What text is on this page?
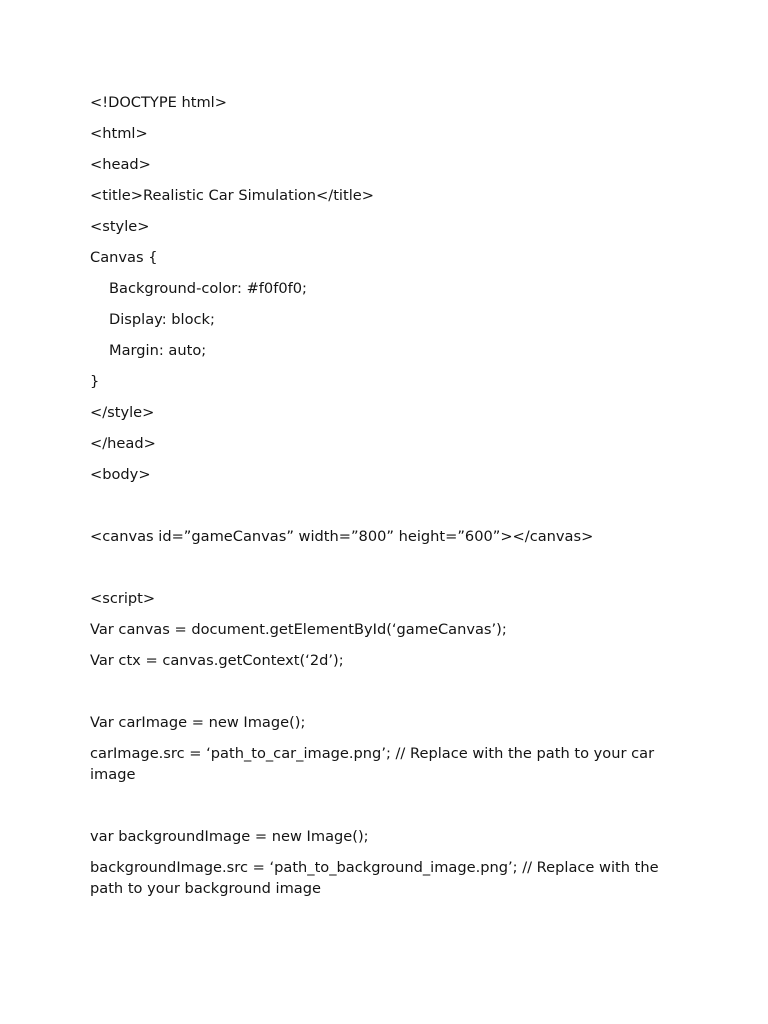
<!DOCTYPE html>
<html>
<head>
<title>Realistic Car Simulation</title>
<style>
Canvas {
Background-color: #f0f0f0;
Display: block;
Margin: auto;
}
</style>
</head>
<body>
<canvas id=”gameCanvas” width=”800” height=”600”></canvas>
<script>
Var canvas = document.getElementById(‘gameCanvas’);
Var ctx = canvas.getContext(‘2d’);
Var carImage = new Image();
carImage.src = ‘path_to_car_image.png’; // Replace with the path to your car image
var backgroundImage = new Image();
backgroundImage.src = ‘path_to_background_image.png’; // Replace with the path to your background image
